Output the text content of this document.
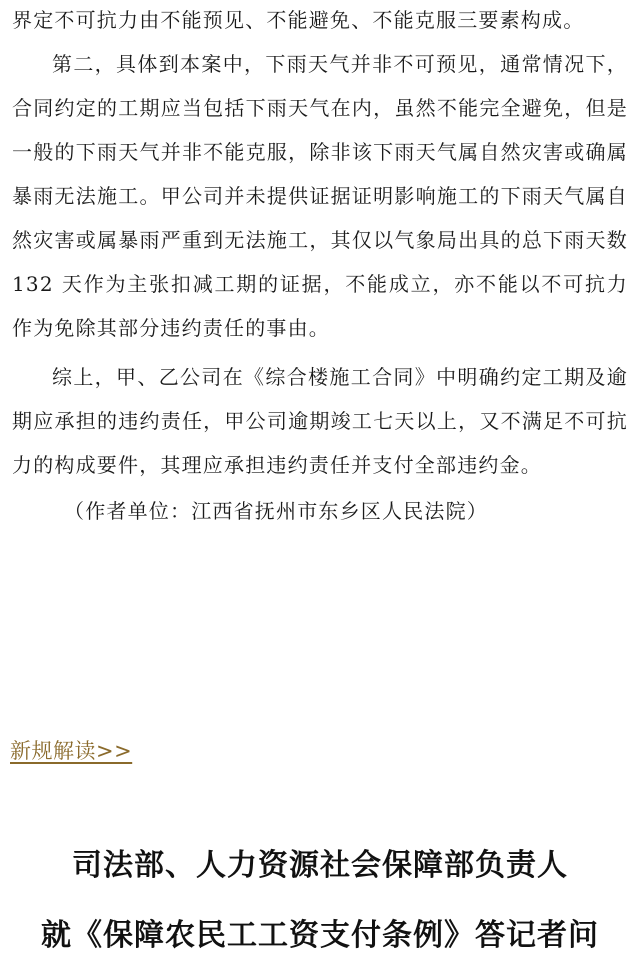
界定不可抗力由不能预见、不能避免、不能克服三要素构成。

第二，具体到本案中，下雨天气并非不可预见，通常情况下，合同约定的工期应当包括下雨天气在内，虽然不能完全避免，但是一般的下雨天气并非不能克服，除非该下雨天气属自然灾害或确属暴雨无法施工。甲公司并未提供证据证明影响施工的下雨天气属自然灾害或属暴雨严重到无法施工，其仅以气象局出具的总下雨天数 132 天作为主张扣减工期的证据，不能成立，亦不能以不可抗力作为免除其部分违约责任的事由。

综上，甲、乙公司在《综合楼施工合同》中明确约定工期及逾期应承担的违约责任，甲公司逾期竣工七天以上，又不满足不可抗力的构成要件，其理应承担违约责任并支付全部违约金。

（作者单位：江西省抚州市东乡区人民法院）

新规解读>>
司法部、人力资源社会保障部负责人
就《保障农民工工资支付条例》答记者问
